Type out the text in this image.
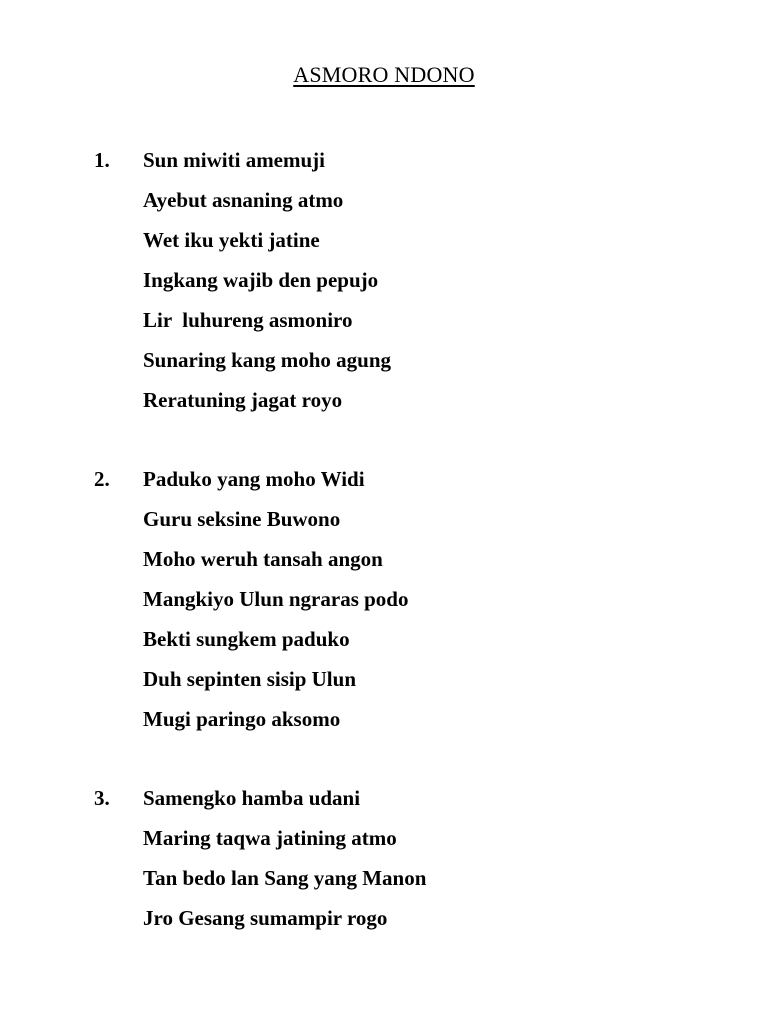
ASMORO NDONO
1. Sun miwiti amemuji
Ayebut asnaning atmo
Wet iku yekti jatine
Ingkang wajib den pepujo
Lir  luhureng asmoniro
Sunaring kang moho agung
Reratuning jagat royo
2. Paduko yang moho Widi
Guru seksine Buwono
Moho weruh tansah angon
Mangkiyo Ulun ngraras podo
Bekti sungkem paduko
Duh sepinten sisip Ulun
Mugi paringo aksomo
3. Samengko hamba udani
Maring taqwa jatining atmo
Tan bedo lan Sang yang Manon
Jro Gesang sumampir rogo
